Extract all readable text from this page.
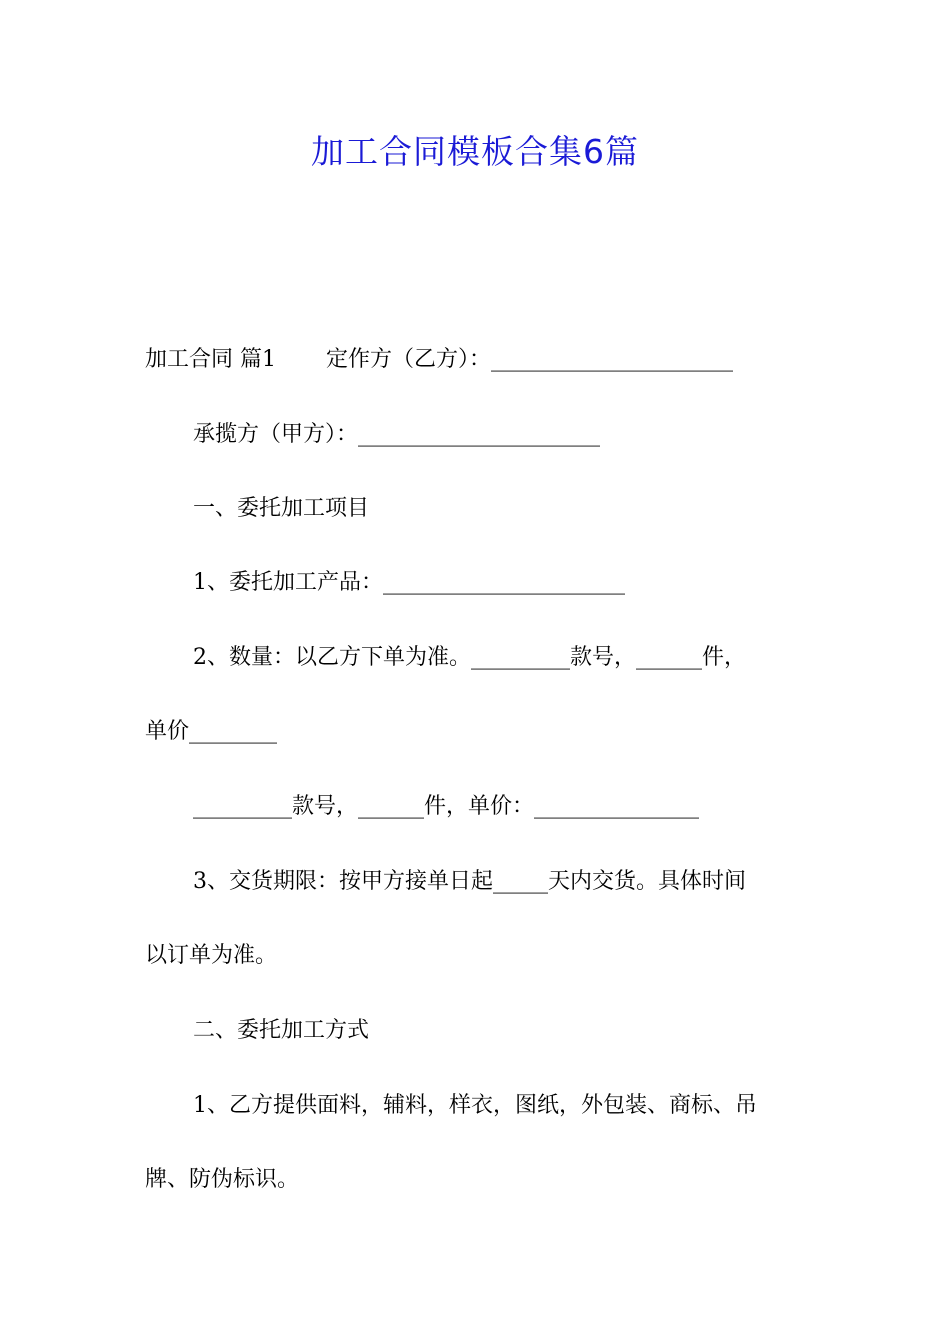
加工合同模板合集6篇
加工合同 篇1 定作方（乙方）：______________________
承揽方（甲方）：______________________
一、委托加工项目
1、委托加工产品：______________________
2、数量：以乙方下单为准。_________款号，______件，
单价________
_________款号，______件，单价：_______________
3、交货期限：按甲方接单日起_____天内交货。具体时间
以订单为准。
二、委托加工方式
1、乙方提供面料，辅料，样衣，图纸，外包装、商标、吊
牌、防伪标识。
